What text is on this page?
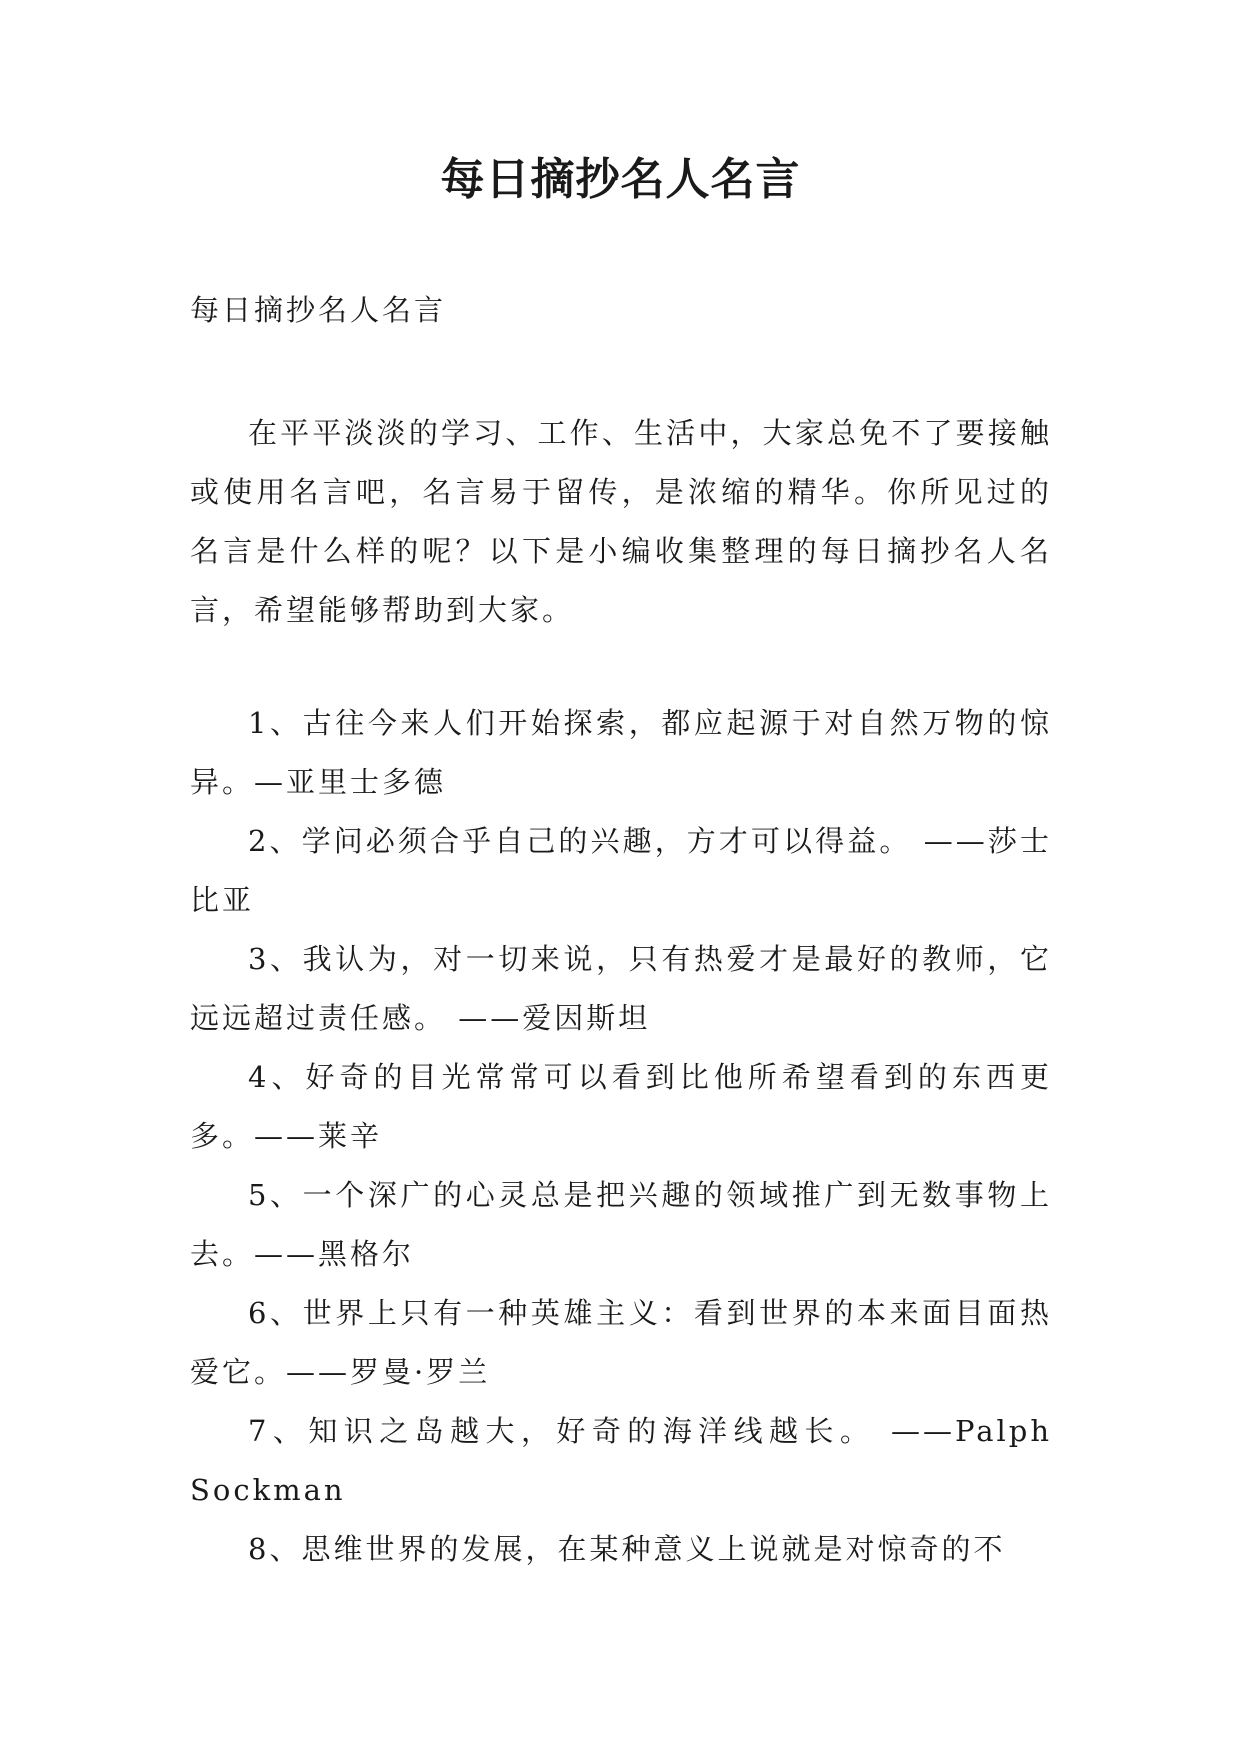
每日摘抄名人名言

每日摘抄名人名言

在平平淡淡的学习、工作、生活中，大家总免不了要接触或使用名言吧，名言易于留传，是浓缩的精华。你所见过的名言是什么样的呢？以下是小编收集整理的每日摘抄名人名言，希望能够帮助到大家。

1、古往今来人们开始探索，都应起源于对自然万物的惊异。—亚里士多德

2、学问必须合乎自己的兴趣，方才可以得益。 ——莎士比亚

3、我认为，对一切来说，只有热爱才是最好的教师，它远远超过责任感。 ——爱因斯坦

4、好奇的目光常常可以看到比他所希望看到的东西更多。——莱辛

5、一个深广的心灵总是把兴趣的领域推广到无数事物上去。——黑格尔

6、世界上只有一种英雄主义：看到世界的本来面目面热爱它。——罗曼·罗兰

7、知识之岛越大，好奇的海洋线越长。 ——Palph Sockman

8、思维世界的发展，在某种意义上说就是对惊奇的不
